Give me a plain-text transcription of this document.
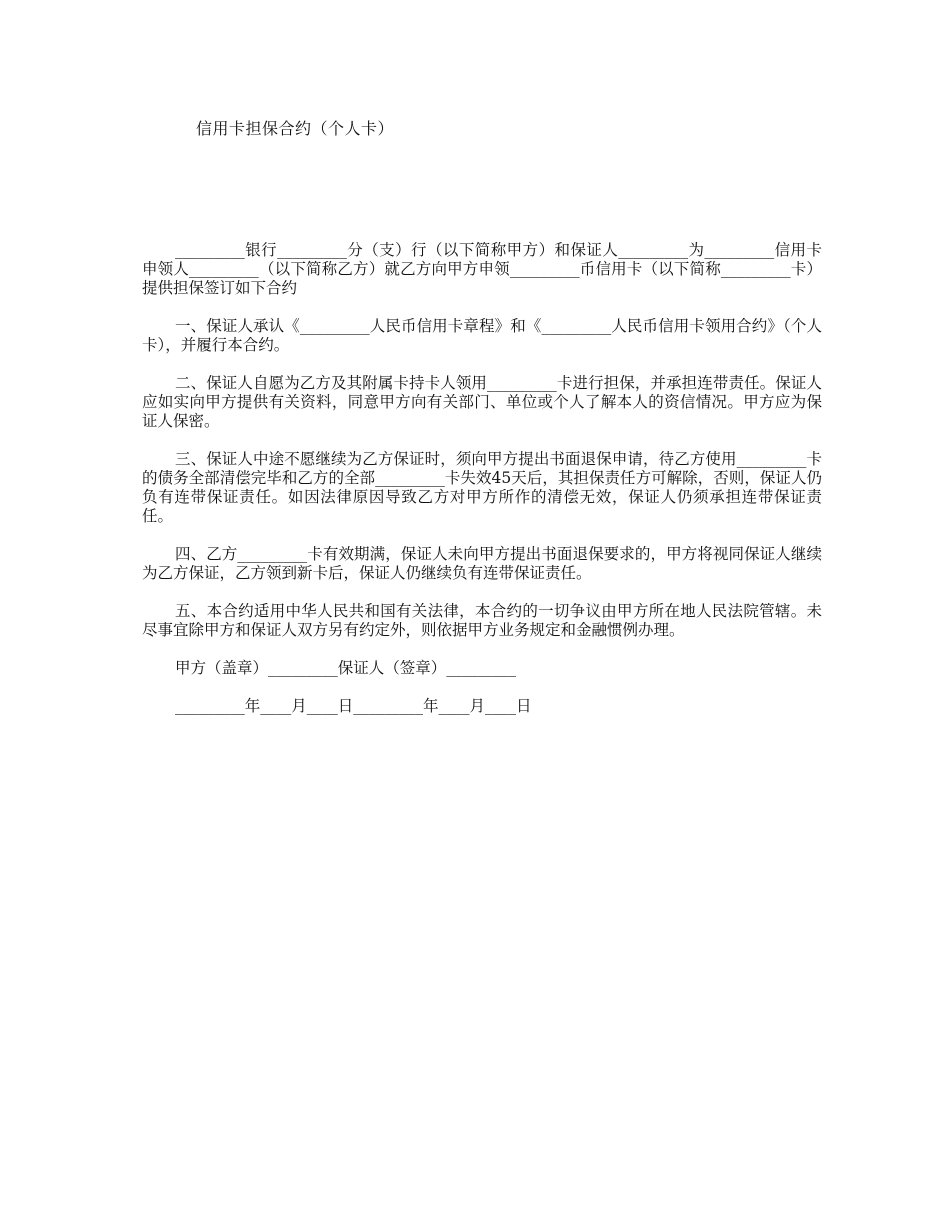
信用卡担保合约（个人卡）

_________银行_________分（支）行（以下简称甲方）和保证人_________为_________信用卡申领人_________（以下简称乙方）就乙方向甲方申领_________币信用卡（以下简称_________卡）提供担保签订如下合约

一、保证人承认《_________人民币信用卡章程》和《_________人民币信用卡领用合约》（个人卡），并履行本合约。

二、保证人自愿为乙方及其附属卡持卡人领用_________卡进行担保，并承担连带责任。保证人应如实向甲方提供有关资料，同意甲方向有关部门、单位或个人了解本人的资信情况。甲方应为保证人保密。

三、保证人中途不愿继续为乙方保证时，须向甲方提出书面退保申请，待乙方使用_________卡的债务全部清偿完毕和乙方的全部_________卡失效45天后，其担保责任方可解除，否则，保证人仍负有连带保证责任。如因法律原因导致乙方对甲方所作的清偿无效，保证人仍须承担连带保证责任。

四、乙方_________卡有效期满，保证人未向甲方提出书面退保要求的，甲方将视同保证人继续为乙方保证，乙方领到新卡后，保证人仍继续负有连带保证责任。

五、本合约适用中华人民共和国有关法律，本合约的一切争议由甲方所在地人民法院管辖。未尽事宜除甲方和保证人双方另有约定外，则依据甲方业务规定和金融惯例办理。

甲方（盖章）_________保证人（签章）_________

_________年____月____日_________年____月____日
